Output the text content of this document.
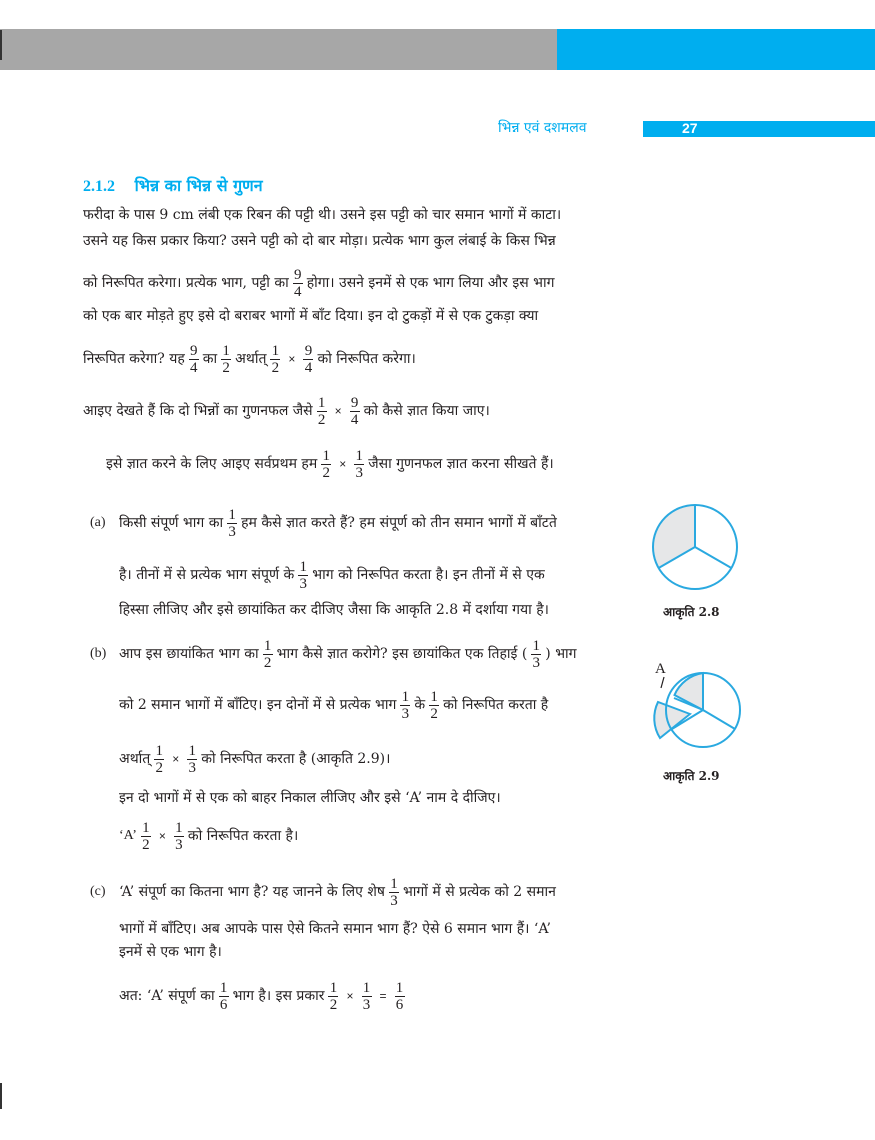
भिन्न एवं दशमलव	27
2.1.2 भिन्न का भिन्न से गुणन
फरीदा के पास 9 cm लंबी एक रिबन की पट्टी थी। उसने इस पट्टी को चार समान भागों में काटा।
उसने यह किस प्रकार किया? उसने पट्टी को दो बार मोड़ा। प्रत्येक भाग कुल लंबाई के किस भिन्न
को निरूपित करेगा। प्रत्येक भाग, पट्टी का $\frac{9}{4}$ होगा। उसने इनमें से एक भाग लिया और इस भाग
को एक बार मोड़ते हुए इसे दो बराबर भागों में बाँट दिया। इन दो टुकड़ों में से एक टुकड़ा क्या
निरूपित करेगा? यह $\frac{9}{4}$ का $\frac{1}{2}$ अर्थात् $\frac{1}{2} \times \frac{9}{4}$ को निरूपित करेगा।
आइए देखते हैं कि दो भिन्नों का गुणनफल जैसे $\frac{1}{2} \times \frac{9}{4}$ को कैसे ज्ञात किया जाए।
इसे ज्ञात करने के लिए आइए सर्वप्रथम हम $\frac{1}{2} \times \frac{1}{3}$ जैसा गुणनफल ज्ञात करना सीखते हैं।
(a) किसी संपूर्ण भाग का $\frac{1}{3}$ हम कैसे ज्ञात करते हैं? हम संपूर्ण को तीन समान भागों में बाँटते
है। तीनों में से प्रत्येक भाग संपूर्ण के $\frac{1}{3}$ भाग को निरूपित करता है। इन तीनों में से एक
हिस्सा लीजिए और इसे छायांकित कर दीजिए जैसा कि आकृति 2.8 में दर्शाया गया है।	आकृति 2.8
(b) आप इस छायांकित भाग का $\frac{1}{2}$ भाग कैसे ज्ञात करोगे? इस छायांकित एक तिहाई ( $\frac{1}{3}$ ) भाग
को 2 समान भागों में बाँटिए। इन दोनों में से प्रत्येक भाग $\frac{1}{3}$ के $\frac{1}{2}$ को निरूपित करता है
अर्थात् $\frac{1}{2} \times \frac{1}{3}$ को निरूपित करता है (आकृति 2.9)।
इन दो भागों में से एक को बाहर निकाल लीजिए और इसे ‘A’ नाम दे दीजिए।
‘A’ $\frac{1}{2} \times \frac{1}{3}$ को निरूपित करता है।
A
आकृति 2.9
(c) ‘A’ संपूर्ण का कितना भाग है? यह जानने के लिए शेष $\frac{1}{3}$ भागों में से प्रत्येक को 2 समान
भागों में बाँटिए। अब आपके पास ऐसे कितने समान भाग हैं? ऐसे 6 समान भाग हैं। ‘A’
इनमें से एक भाग है।
अत: ‘A’ संपूर्ण का $\frac{1}{6}$ भाग है। इस प्रकार $\frac{1}{2} \times \frac{1}{3} = \frac{1}{6}$
